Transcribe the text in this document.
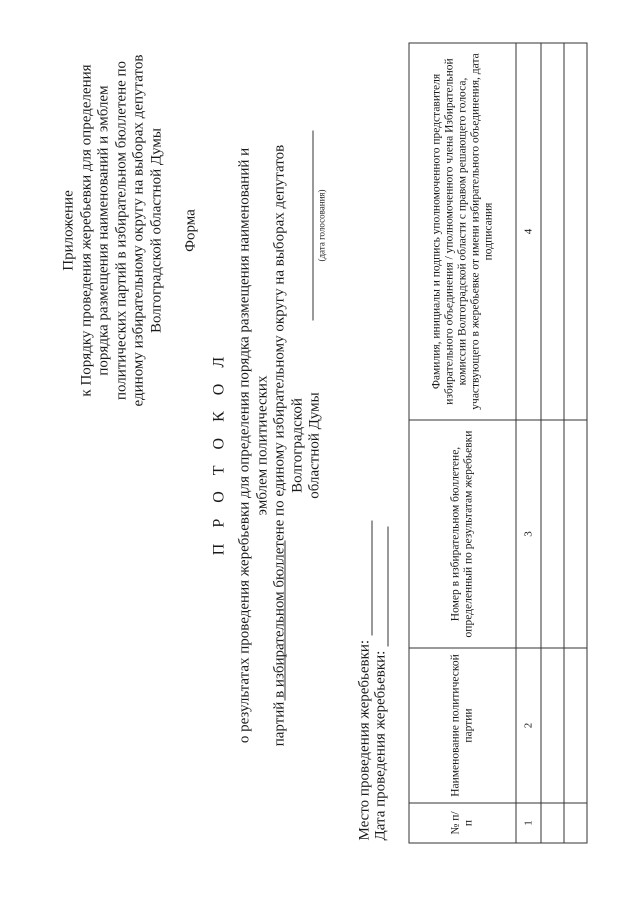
Приложение к Порядку проведения жеребьевки для определения порядка размещения наименований и эмблем политических партий в избирательном бюллетене по единому избирательному округу на выборах депутатов Волгоградской областной Думы Форма
П Р О Т О К О Л о результатах проведения жеребьевки для определения порядка размещения наименований и эмблем политических партий в избирательном бюллетене по единому избирательному округу на выборах депутатов Волгоградской областной Думы
(дата голосования)
Место проведения жеребьевки: Дата проведения жеребьевки:	№ п/п	Наименование политической партии	Номер в избирательном бюллетене, определенный по результатам жеребьевки	Фамилия, инициалы и подпись уполномоченного представителя избирательного объединения / уполномоченного члена Избирательной комиссии Волгоградской области с правом решающего голоса, участвующего в жеребьевке от имени избирательного объединения, дата подписания
1	2	3	4
